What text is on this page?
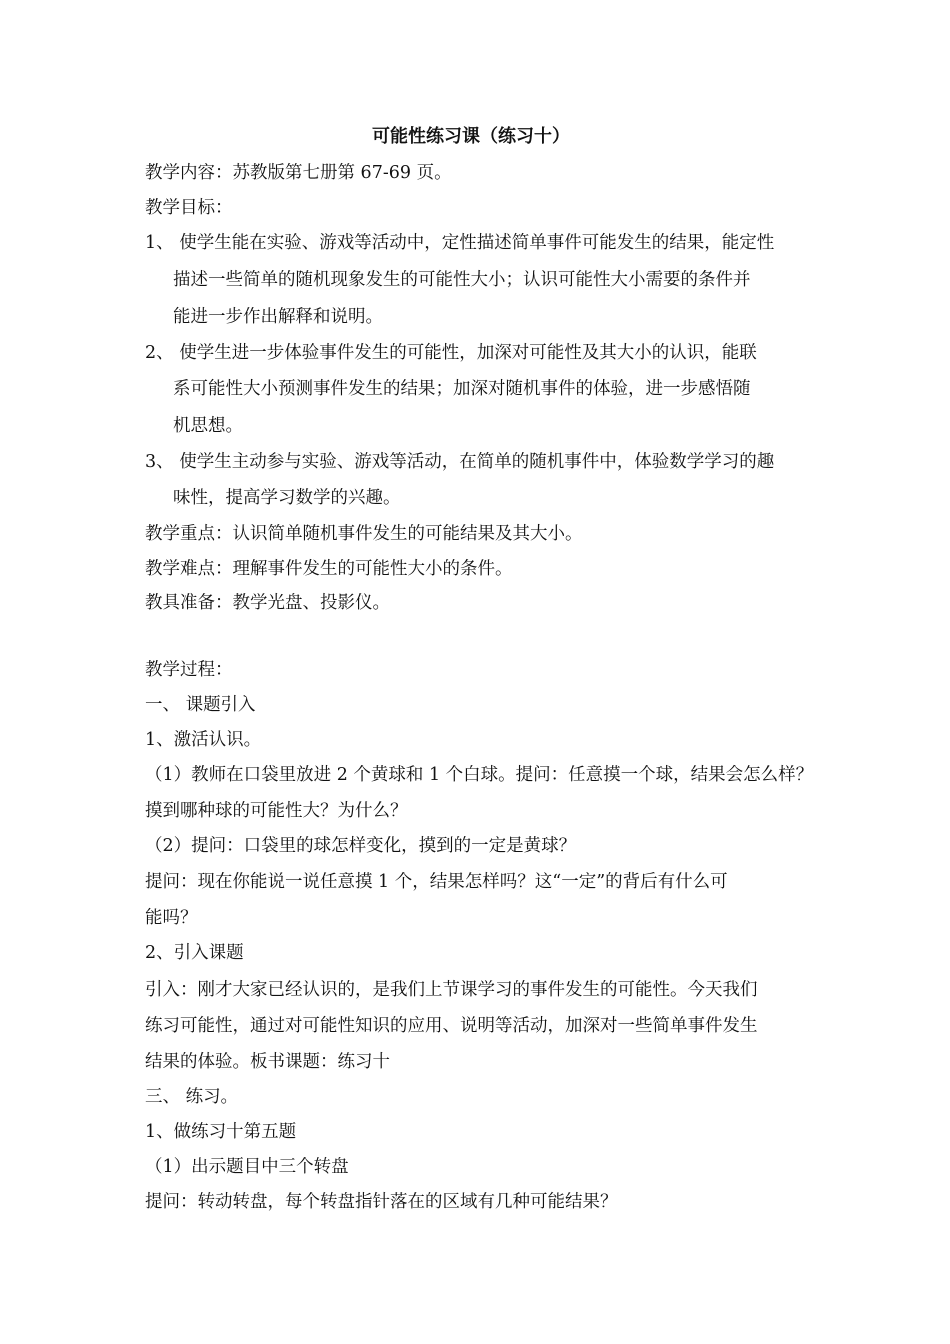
可能性练习课（练习十）
教学内容：苏教版第七册第 67-69 页。
教学目标：
1、 使学生能在实验、游戏等活动中，定性描述简单事件可能发生的结果，能定性
描述一些简单的随机现象发生的可能性大小；认识可能性大小需要的条件并
能进一步作出解释和说明。
2、 使学生进一步体验事件发生的可能性，加深对可能性及其大小的认识，能联
系可能性大小预测事件发生的结果；加深对随机事件的体验，进一步感悟随
机思想。
3、 使学生主动参与实验、游戏等活动，在简单的随机事件中，体验数学学习的趣
味性，提高学习数学的兴趣。
教学重点：认识简单随机事件发生的可能结果及其大小。
教学难点：理解事件发生的可能性大小的条件。
教具准备：教学光盘、投影仪。
教学过程：
一、 课题引入
1、激活认识。
（1）教师在口袋里放进 2 个黄球和 1 个白球。提问：任意摸一个球，结果会怎么样？
摸到哪种球的可能性大？为什么？
（2）提问：口袋里的球怎样变化，摸到的一定是黄球？
提问：现在你能说一说任意摸 1 个，结果怎样吗？这“一定”的背后有什么可
能吗？
2、引入课题
引入：刚才大家已经认识的，是我们上节课学习的事件发生的可能性。今天我们
练习可能性，通过对可能性知识的应用、说明等活动，加深对一些简单事件发生
结果的体验。板书课题：练习十
三、 练习。
1、做练习十第五题
（1）出示题目中三个转盘
提问：转动转盘，每个转盘指针落在的区域有几种可能结果？
